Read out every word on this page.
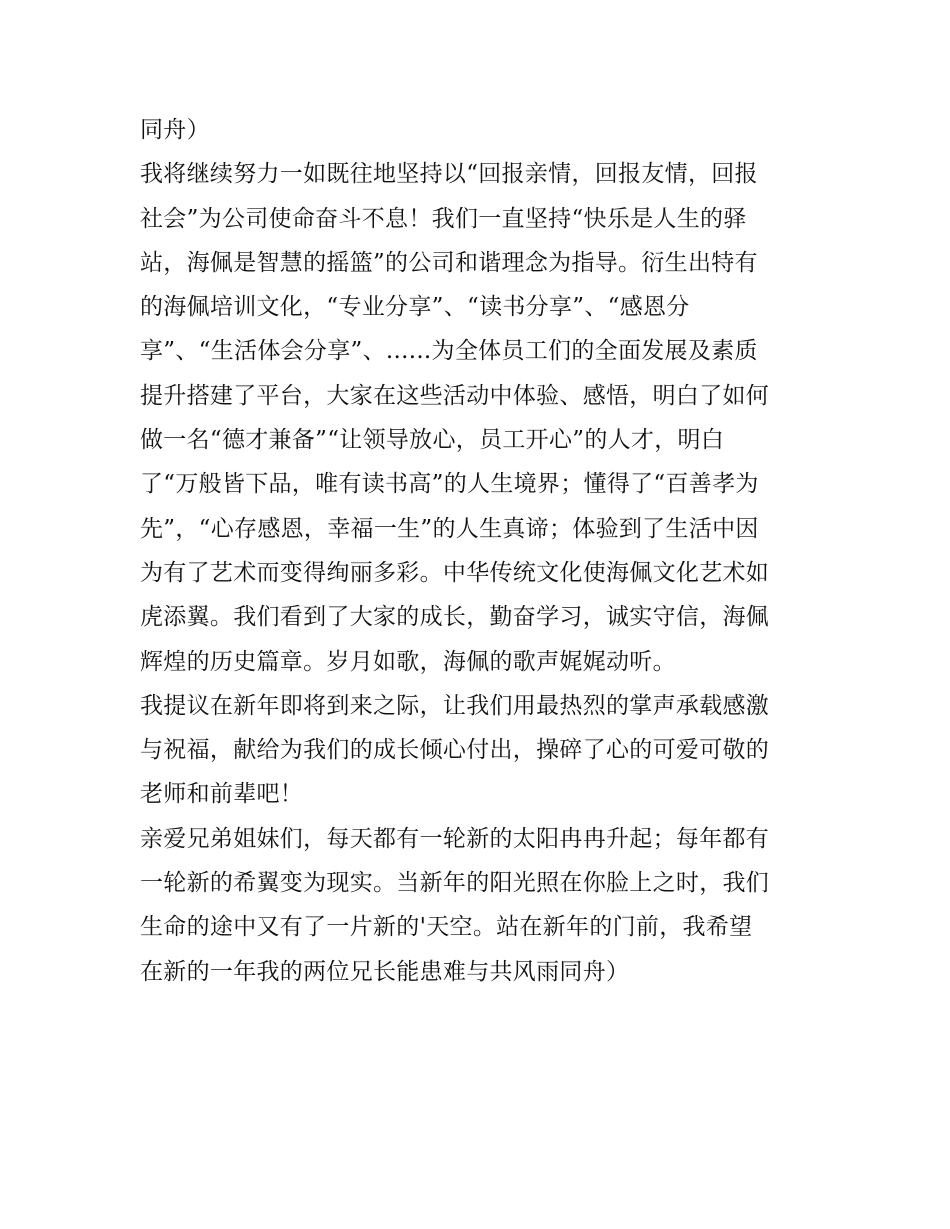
同舟）
我将继续努力一如既往地坚持以“回报亲情，回报友情，回报
社会”为公司使命奋斗不息！我们一直坚持“快乐是人生的驿
站，海佩是智慧的摇篮”的公司和谐理念为指导。衍生出特有
的海佩培训文化，“专业分享”、“读书分享”、“感恩分
享”、“生活体会分享”、......为全体员工们的全面发展及素质
提升搭建了平台，大家在这些活动中体验、感悟，明白了如何
做一名“德才兼备”“让领导放心，员工开心”的人才，明白
了“万般皆下品，唯有读书高”的人生境界；懂得了“百善孝为
先”，“心存感恩，幸福一生”的人生真谛；体验到了生活中因
为有了艺术而变得绚丽多彩。中华传统文化使海佩文化艺术如
虎添翼。我们看到了大家的成长，勤奋学习，诚实守信，海佩
辉煌的历史篇章。岁月如歌，海佩的歌声娓娓动听。
我提议在新年即将到来之际，让我们用最热烈的掌声承载感激
与祝福，献给为我们的成长倾心付出，操碎了心的可爱可敬的
老师和前辈吧！
亲爱兄弟姐妹们，每天都有一轮新的太阳冉冉升起；每年都有
一轮新的希翼变为现实。当新年的阳光照在你脸上之时，我们
生命的途中又有了一片新的'天空。站在新年的门前，我希望
在新的一年我的两位兄长能患难与共风雨同舟）
